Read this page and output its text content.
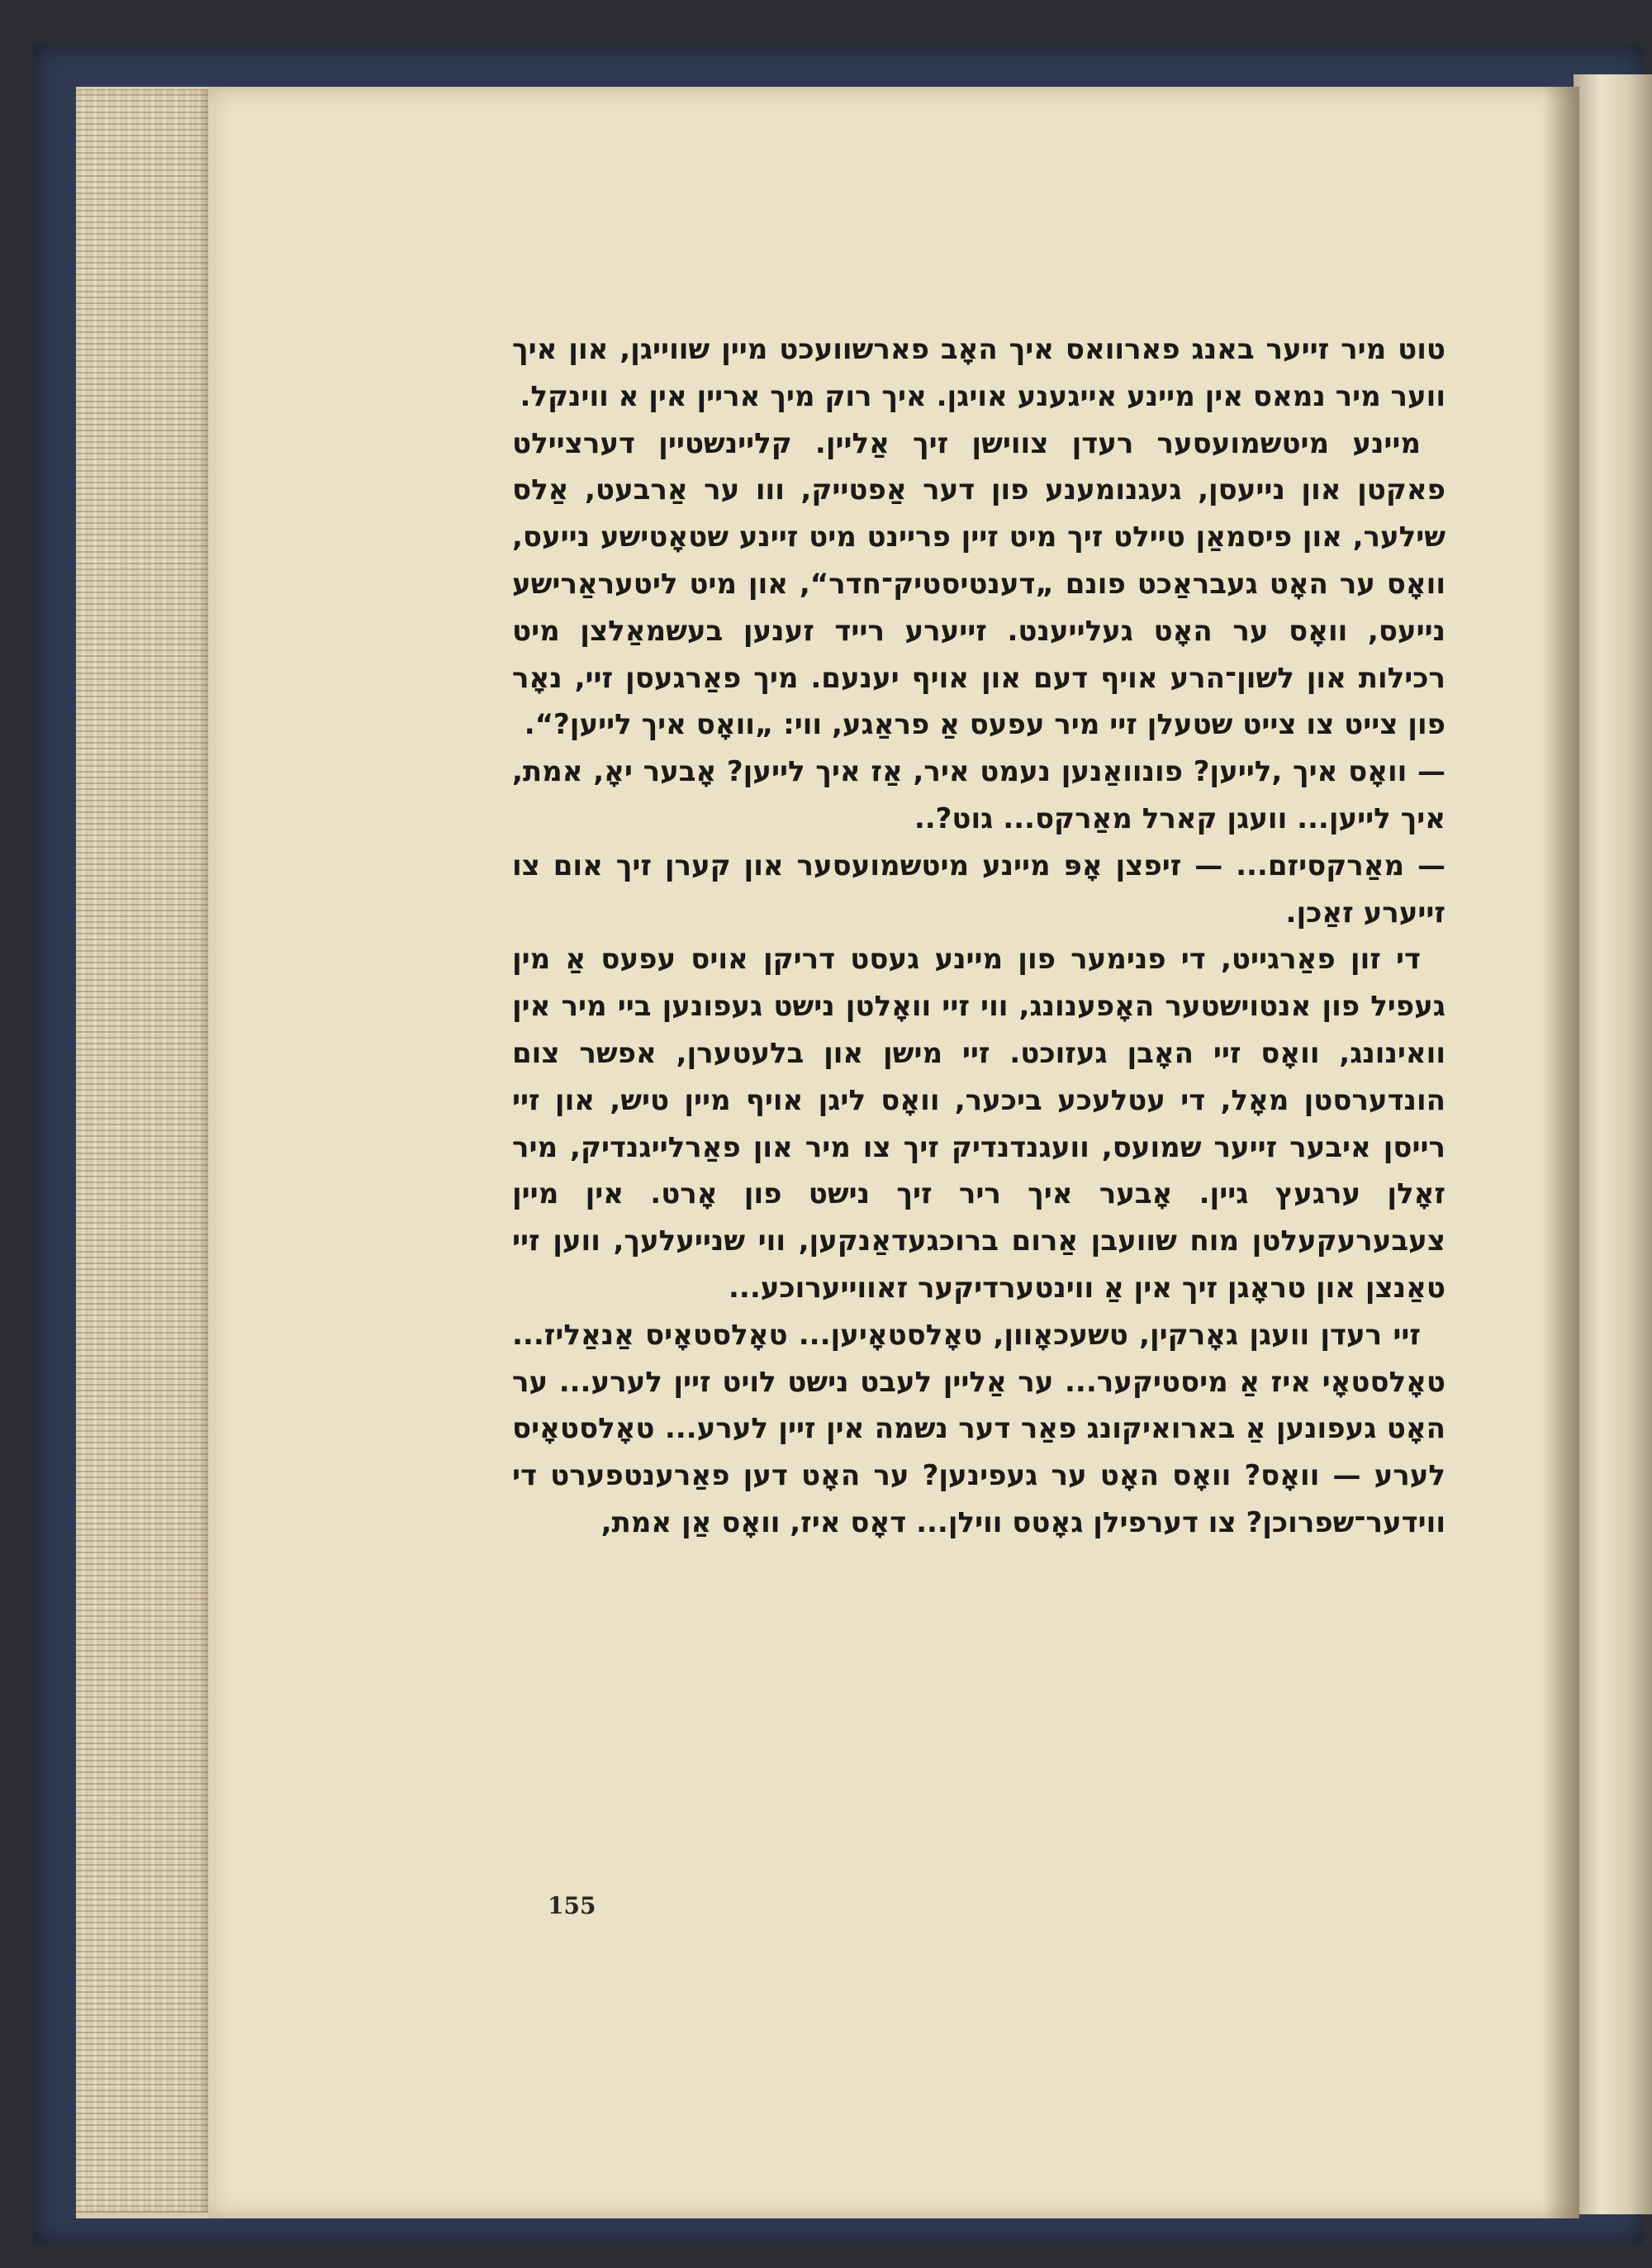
טוט מיר זייער באנג פארוואס איך האָב פארשוועכט מיין שווייגן, און איך ווער מיר נמאס אין מיינע אייגענע אויגן. איך רוק מיך אריין אין א ווינקל.

מיינע מיטשמועסער רעדן צווישן זיך אַליין. קליינשטיין דערציילט פאקטן און נייעסן, געגנומענע פון דער אַפטייק, ווו ער אַרבעט, אַלס שילער, און פיסמאַן טיילט זיך מיט זיין פריינט מיט זיינע שטאָטישע נייעס, וואָס ער האָט געבראַכט פונם „דענטיסטיק־חדר“, און מיט ליטעראַרישע נייעס, וואָס ער האָט געלייענט. זייערע רייד זענען בעשמאַלצן מיט רכילות און לשון־הרע אויף דעם און אויף יענעם. מיך פאַרגעסן זיי, נאָר פון צייט צו צייט שטעלן זיי מיר עפעס אַ פראַגע, ווי: „וואָס איך לייען?“.

— וואָס איך ,לייען? פונוואַנען נעמט איר, אַז איך לייען? אָבער יאָ, אמת, איך לייען... וועגן קארל מאַרקס... גוט?..

— מאַרקסיזם... — זיפצן אָפּ מיינע מיטשמועסער און קערן זיך אום צו זייערע זאַכן.

די זון פאַרגייט, די פנימער פון מיינע געסט דריקן אויס עפעס אַ מין געפיל פון אנטוישטער האָפענונג, ווי זיי וואָלטן נישט געפונען ביי מיר אין וואינונג, וואָס זיי האָבן געזוכט. זיי מישן און בלעטערן, אפשר צום הונדערסטן מאָל, די עטלעכע ביכער, וואָס ליגן אויף מיין טיש, און זיי רייסן איבער זייער שמועס, וועגנדנדיק זיך צו מיר און פאַרלייגנדיק, מיר זאָלן ערגעץ גיין. אָבער איך ריר זיך נישט פון אָרט. אין מיין צעבערעקעלטן מוח שוועבן אַרום ברוכגעדאַנקען, ווי שנייעלעך, ווען זיי טאַנצן און טראָגן זיך אין אַ ווינטערדיקער זאווייערוכע...

זיי רעדן וועגן גאָרקין, טשעכאָוון, טאָלסטאָיען... טאָלסטאָיס אַנאַליז... טאָלסטאָי איז אַ מיסטיקער... ער אַליין לעבט נישט לויט זיין לערע... ער האָט געפונען אַ בארואיקונג פאַר דער נשמה אין זיין לערע... טאָלסטאָיס לערע — וואָס? וואָס האָט ער געפינען? ער האָט דען פאַרענטפערט די ווידער־שפרוכן? צו דערפילן גאָטס ווילן... דאָס איז, וואָס אַן אמת,

155
